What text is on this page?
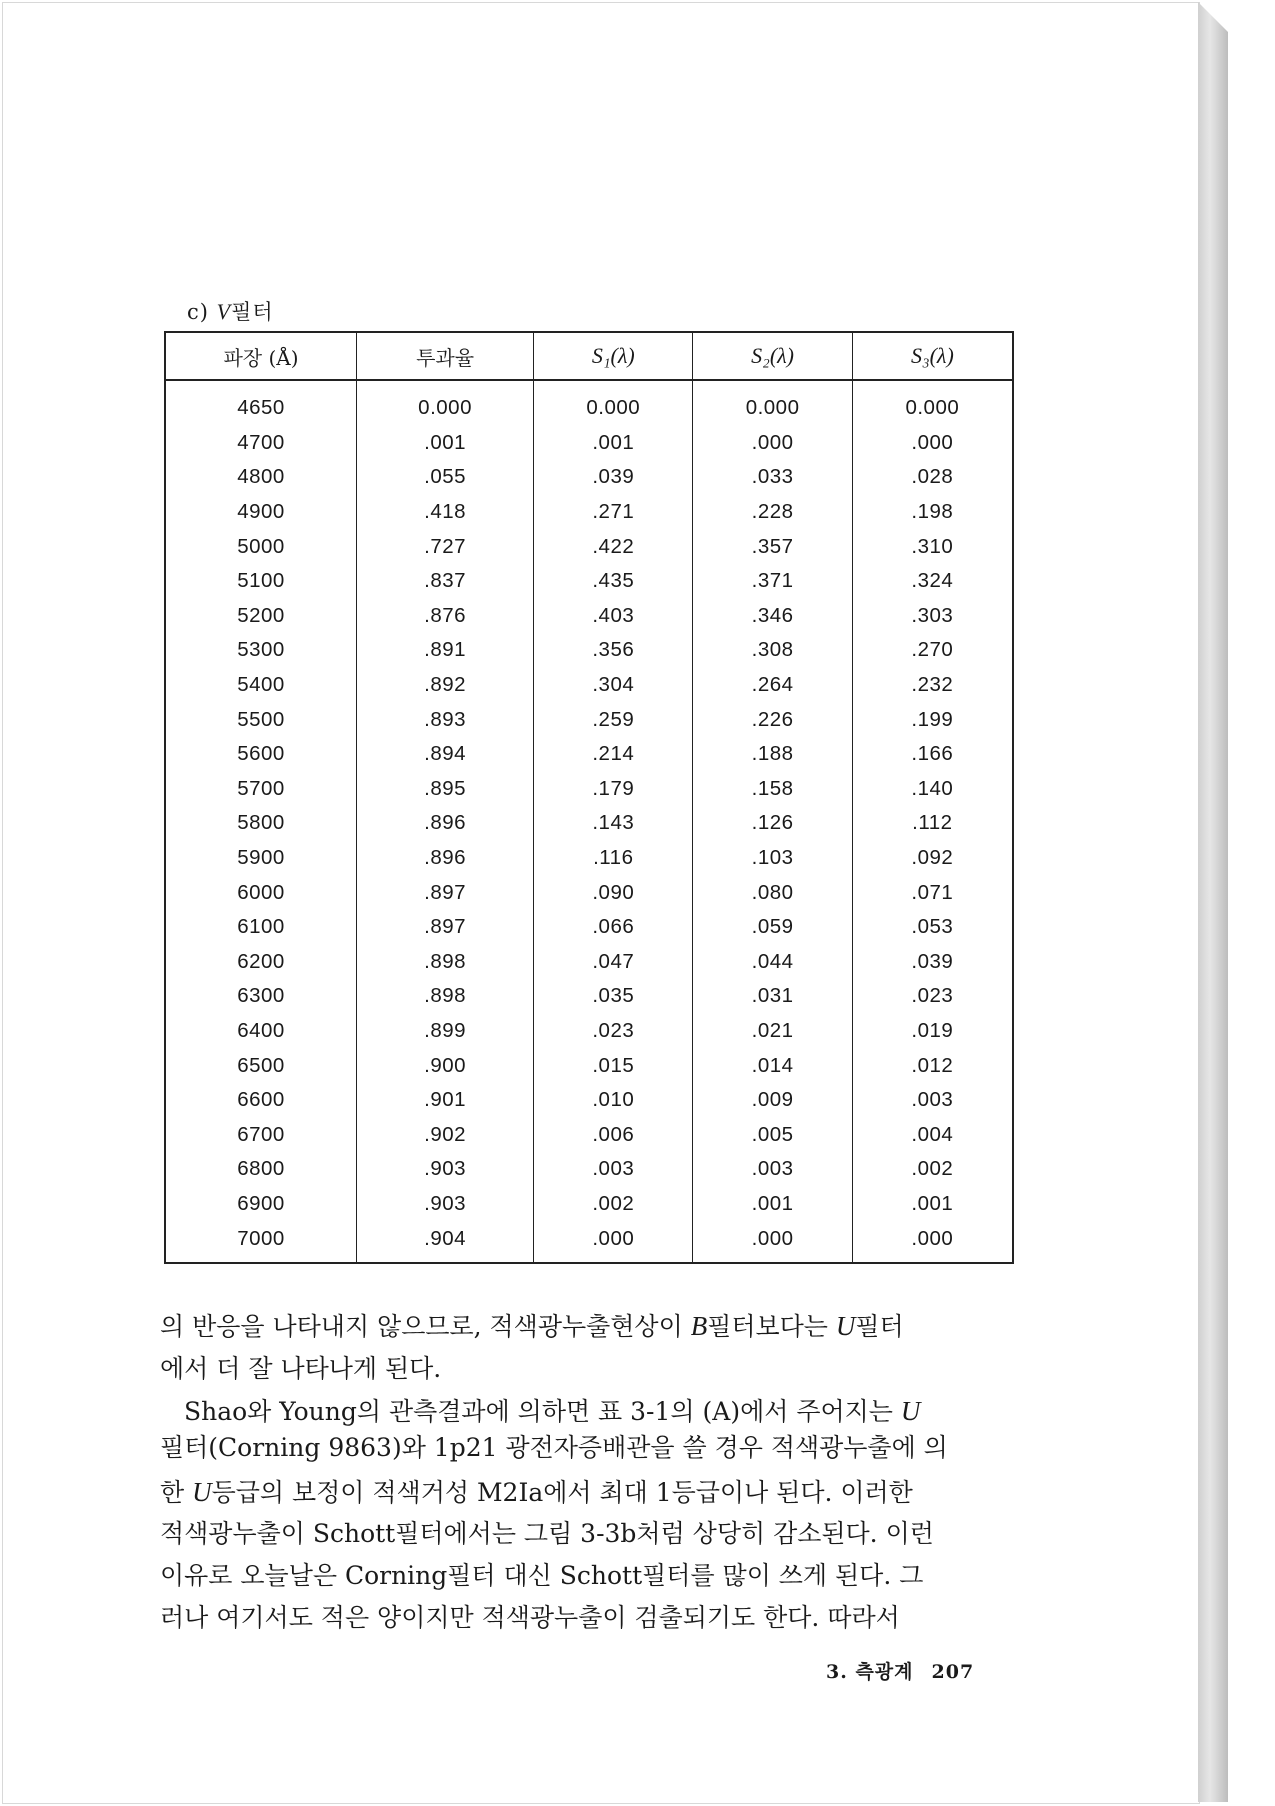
c) V필터
파장 (Å)	투과율	S₁(λ)	S₂(λ)	S₃(λ)
4650	0.000	0.000	0.000	0.000
4700	.001	.001	.000	.000
4800	.055	.039	.033	.028
4900	.418	.271	.228	.198
5000	.727	.422	.357	.310
5100	.837	.435	.371	.324
5200	.876	.403	.346	.303
5300	.891	.356	.308	.270
5400	.892	.304	.264	.232
5500	.893	.259	.226	.199
5600	.894	.214	.188	.166
5700	.895	.179	.158	.140
5800	.896	.143	.126	.112
5900	.896	.116	.103	.092
6000	.897	.090	.080	.071
6100	.897	.066	.059	.053
6200	.898	.047	.044	.039
6300	.898	.035	.031	.023
6400	.899	.023	.021	.019
6500	.900	.015	.014	.012
6600	.901	.010	.009	.003
6700	.902	.006	.005	.004
6800	.903	.003	.003	.002
6900	.903	.002	.001	.001
7000	.904	.000	.000	.000
의 반응을 나타내지 않으므로, 적색광누출현상이 B필터보다는 U필터
에서 더 잘 나타나게 된다.
Shao와 Young의 관측결과에 의하면 표 3-1의 (A)에서 주어지는 U
필터(Corning 9863)와 1p21 광전자증배관을 쓸 경우 적색광누출에 의
한 U등급의 보정이 적색거성 M2Ia에서 최대 1등급이나 된다. 이러한
적색광누출이 Schott필터에서는 그림 3-3b처럼 상당히 감소된다. 이런
이유로 오늘날은 Corning필터 대신 Schott필터를 많이 쓰게 된다. 그
러나 여기서도 적은 양이지만 적색광누출이 검출되기도 한다. 따라서
3. 측광계 207
